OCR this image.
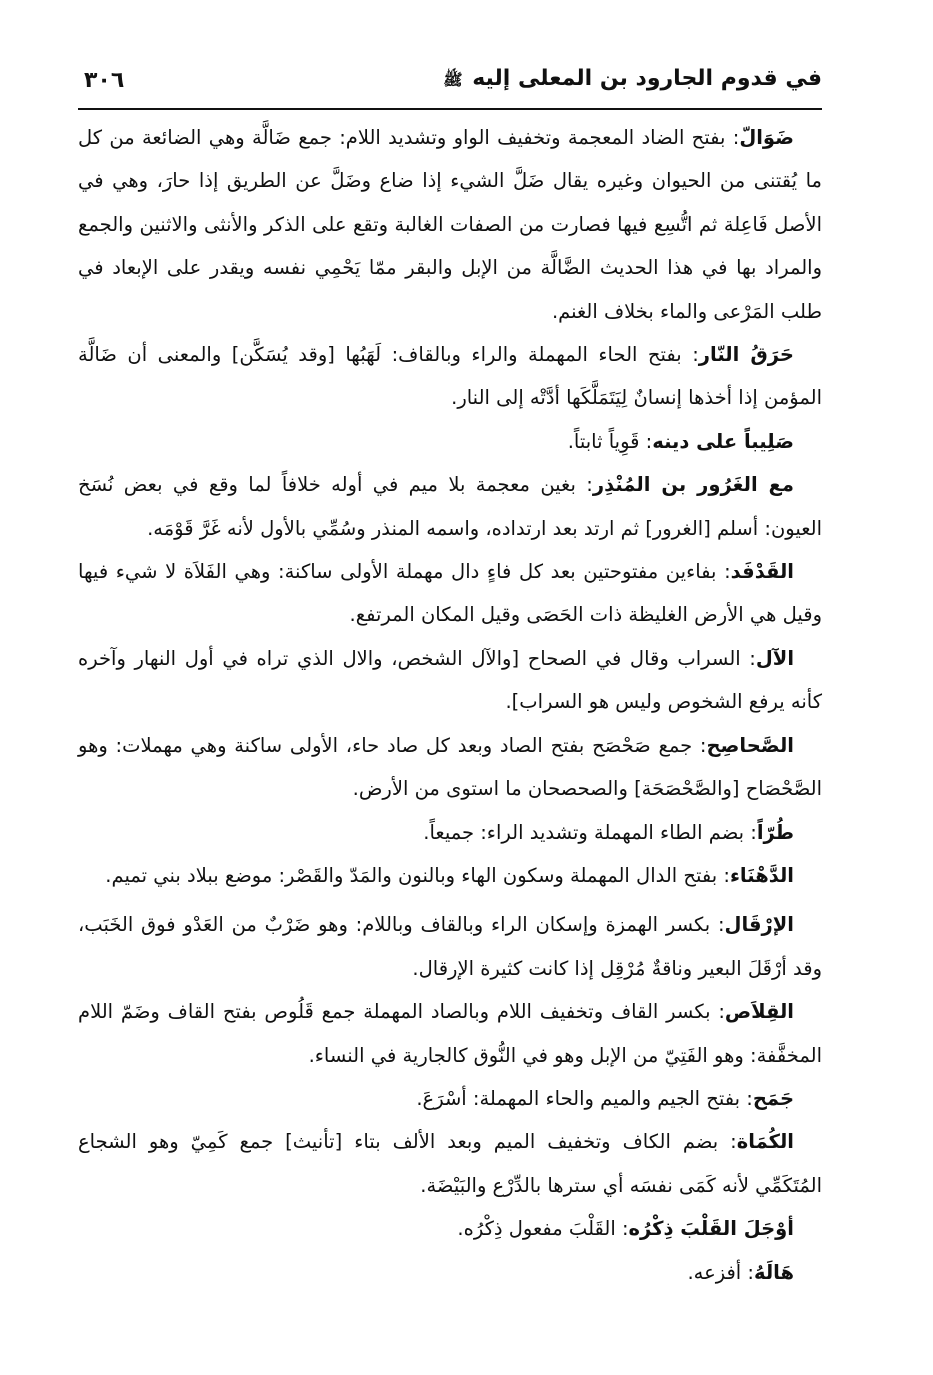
في قدوم الجارود بن المعلى إليه ﷺ
٣٠٦

ضَوَالّ: بفتح الضاد المعجمة وتخفيف الواو وتشديد اللام: جمع ضَالَّة وهي الضائعة من كل ما يُقتنى من الحيوان وغيره يقال ضَلَّ الشيء إذا ضاع وضَلَّ عن الطريق إذا حارَ، وهي في الأصل فَاعِلة ثم اتُّسِع فيها فصارت من الصفات الغالبة وتقع على الذكر والأنثى والاثنين والجمع والمراد بها في هذا الحديث الضَّالَّة من الإبل والبقر ممّا يَحْمِي نفسه ويقدر على الإبعاد في طلب المَرْعى والماء بخلاف الغنم.

حَرَقُ النّار: بفتح الحاء المهملة والراء وبالقاف: لَهَبُها [وقد يُسَكَّن] والمعنى أن ضَالَّة المؤمن إذا أخذها إنسانٌ لِيَتَمَلَّكَها أدَّتْه إلى النار.

صَلِيباً على دينه: قَوِياً ثابتاً.

مع الغَرُور بن المُنْذِر: بغين معجمة بلا ميم في أوله خلافاً لما وقع في بعض نُسَخ العيون: أسلم [الغرور] ثم ارتد بعد ارتداده، واسمه المنذر وسُمِّي بالأول لأنه غَرَّ قَوْمَه.

القَدْفَد: بفاءين مفتوحتين بعد كل فاءٍ دال مهملة الأولى ساكنة: وهي الفَلاَة لا شيء فيها وقيل هي الأرض الغليظة ذات الحَصَى وقيل المكان المرتفع.

الآل: السراب وقال في الصحاح [والآل الشخص، والال الذي تراه في أول النهار وآخره كأنه يرفع الشخوص وليس هو السراب].

الصَّحاصِح: جمع صَحْصَح بفتح الصاد وبعد كل صاد حاء، الأولى ساكنة وهي مهملات: وهو الصَّحْصَاح [والصَّحْصَحَة] والصحصحان ما استوى من الأرض.

طُرّاً: بضم الطاء المهملة وتشديد الراء: جميعاً.

الدَّهْنَاء: بفتح الدال المهملة وسكون الهاء وبالنون والمَدّ والقَصْر: موضع ببلاد بني تميم.

الإرْقَال: بكسر الهمزة وإسكان الراء وبالقاف وباللام: وهو ضَرْبٌ من العَدْو فوق الخَبَب، وقد أرْقَلَ البعير وناقةٌ مُرْقِل إذا كانت كثيرة الإرقال.

القِلاَص: بكسر القاف وتخفيف اللام وبالصاد المهملة جمع قَلُوص بفتح القاف وضَمّ اللام المخفَّفة: وهو الفَتِيّ من الإبل وهو في النُّوق كالجارية في النساء.

جَمَح: بفتح الجيم والميم والحاء المهملة: أسْرَعَ.

الكُمَاة: بضم الكاف وتخفيف الميم وبعد الألف بتاء [تأنيث] جمع كَمِيّ وهو الشجاع المُتَكَمِّي لأنه كَمَى نفسَه أي سترها بالدِّرْع والبَيْضَة.

أوْجَلَ القَلْبَ ذِكْرُه: القَلْبَ مفعول ذِكْرُه.

هَالَهُ: أفزعه.
